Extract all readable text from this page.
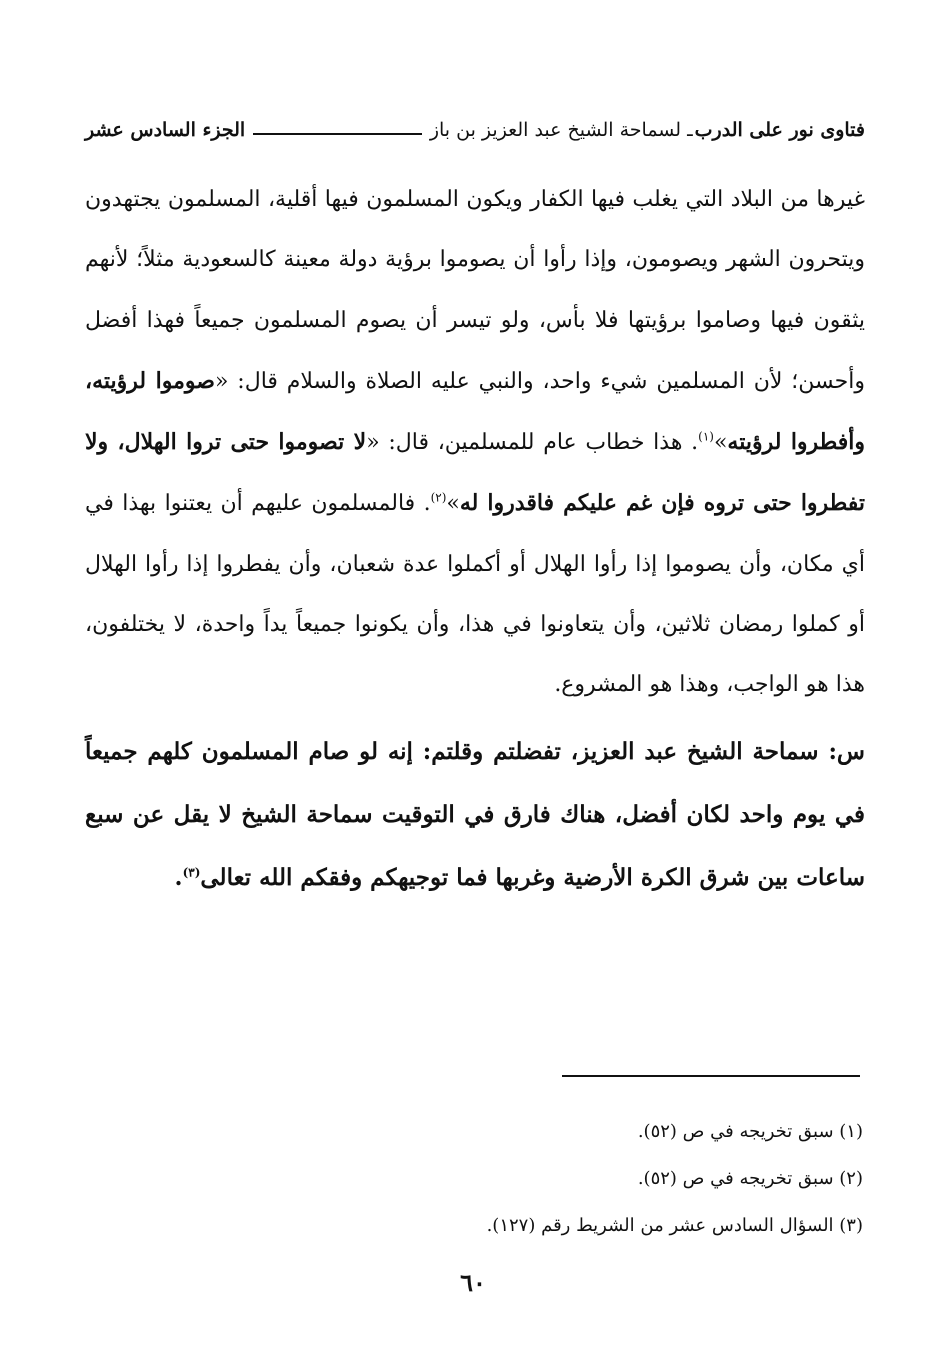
فتاوى نور على الدرب
ـ لسماحة الشيخ عبد العزيز بن باز
الجزء السادس عشر

غيرها من البلاد التي يغلب فيها الكفار ويكون المسلمون فيها أقلية، المسلمون يجتهدون ويتحرون الشهر ويصومون، وإذا رأوا أن يصوموا برؤية دولة معينة كالسعودية مثلاً؛ لأنهم يثقون فيها وصاموا برؤيتها فلا بأس، ولو تيسر أن يصوم المسلمون جميعاً فهذا أفضل وأحسن؛ لأن المسلمين شيء واحد، والنبي عليه الصلاة والسلام قال: «صوموا لرؤيته، وأفطروا لرؤيته»$^{(١)}$. هذا خطاب عام للمسلمين، قال: «لا تصوموا حتى تروا الهلال، ولا تفطروا حتى تروه فإن غم عليكم فاقدروا له»$^{(٢)}$. فالمسلمون عليهم أن يعتنوا بهذا في أي مكان، وأن يصوموا إذا رأوا الهلال أو أكملوا عدة شعبان، وأن يفطروا إذا رأوا الهلال أو كملوا رمضان ثلاثين، وأن يتعاونوا في هذا، وأن يكونوا جميعاً يداً واحدة، لا يختلفون، هذا هو الواجب، وهذا هو المشروع.

س: سماحة الشيخ عبد العزيز، تفضلتم وقلتم: إنه لو صام المسلمون كلهم جميعاً في يوم واحد لكان أفضل، هناك فارق في التوقيت سماحة الشيخ لا يقل عن سبع ساعات بين شرق الكرة الأرضية وغربها فما توجيهكم وفقكم الله تعالى$^{(٣)}$.

(١) سبق تخريجه في ص (٥٢).

(٢) سبق تخريجه في ص (٥٢).

(٣) السؤال السادس عشر من الشريط رقم (١٢٧).

٦٠
